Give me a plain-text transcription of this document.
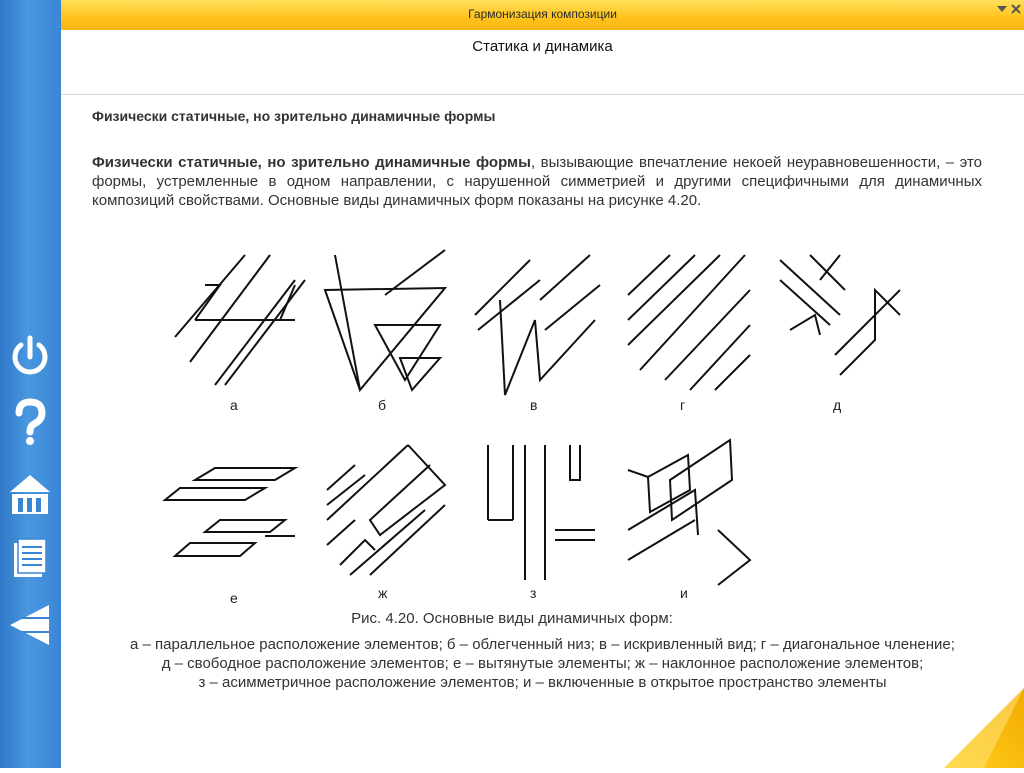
Гармонизация композиции
Статика и динамика
Физически статичные, но зрительно динамичные формы
Физически статичные, но зрительно динамичные формы, вызывающие впечатление некоей неуравновешенности, – это формы, устремленные в одном направлении, с нарушенной симметрией и другими специфичными для динамичных композиций свойствами. Основные виды динамичных форм показаны на рисунке 4.20.
а	б	в	г	д
е	ж	з	и
Рис. 4.20. Основные виды динамичных форм:
а – параллельное расположение элементов; б – облегченный низ; в – искривленный вид; г – диагональное членение;
д – свободное расположение элементов; е – вытянутые элементы; ж – наклонное расположение элементов;
з – асимметричное расположение элементов; и – включенные в открытое пространство элементы
